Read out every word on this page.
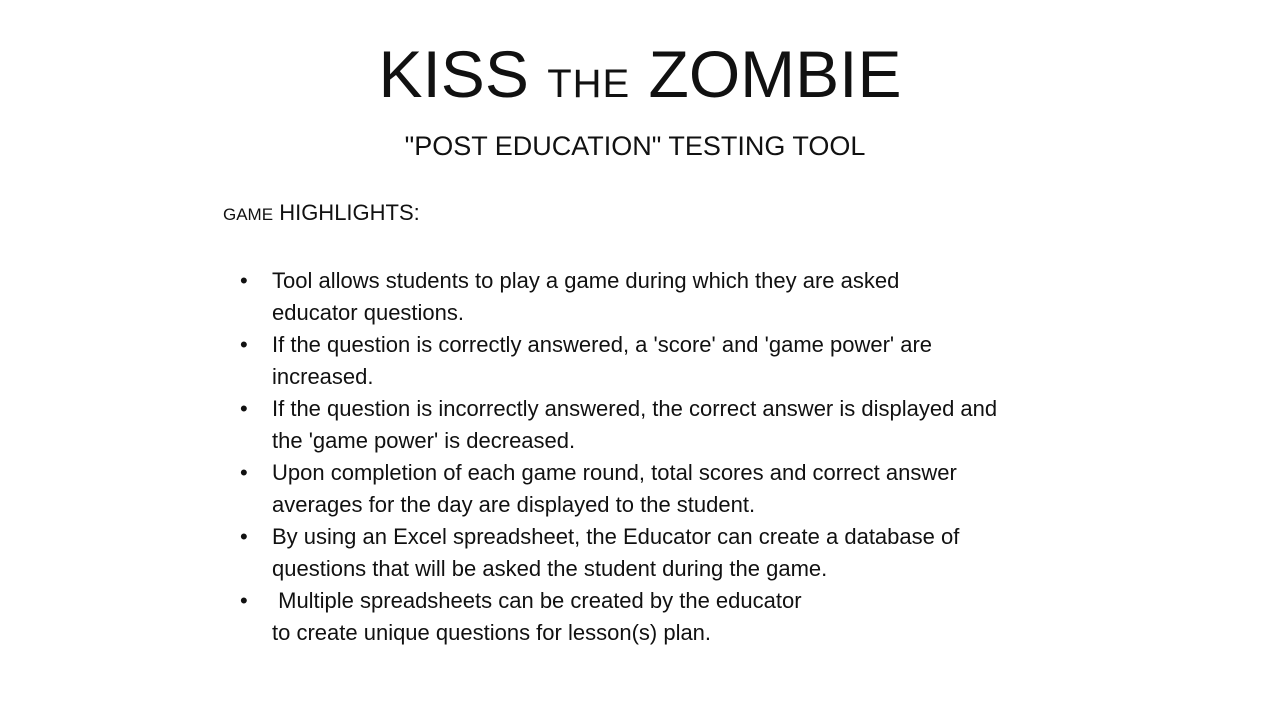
KISS THE ZOMBIE
"POST EDUCATION" TESTING TOOL
GAME HIGHLIGHTS:
•	Tool allows students to play a game during which they are asked
educator questions.
•	If the question is correctly answered, a 'score' and 'game power' are
increased.
•	If the question is incorrectly answered, the correct answer is displayed and
the 'game power' is decreased.
•	Upon completion of each game round, total scores and correct answer
averages for the day are displayed to the student.
•	By using an Excel spreadsheet, the Educator can create a database of
questions that will be asked the student during the game.
•	Multiple spreadsheets can be created by the educator
to create unique questions for lesson(s) plan.
